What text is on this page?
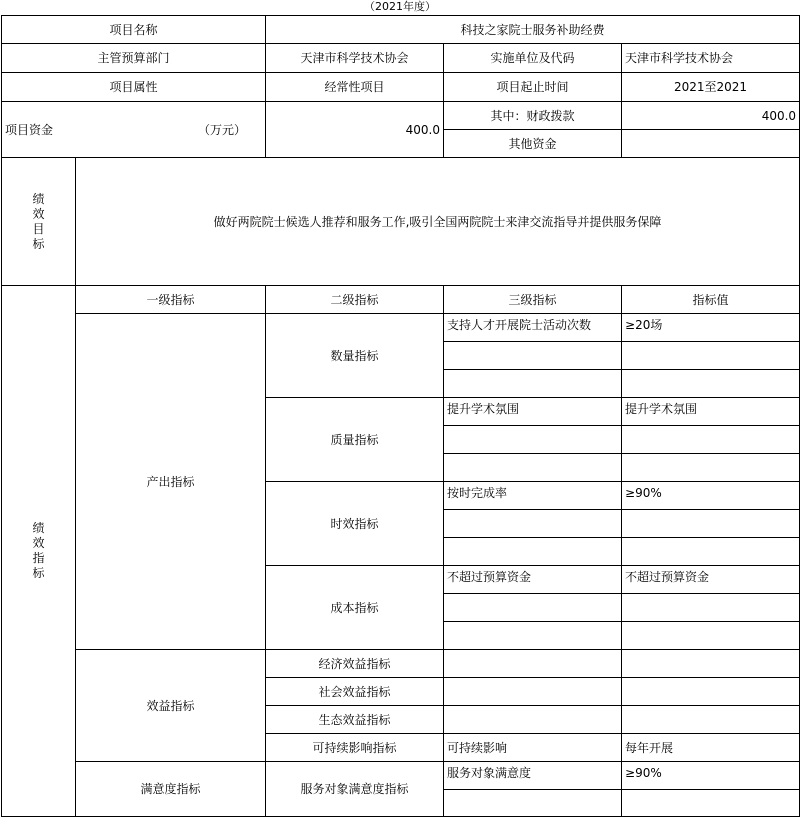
（2021年度）
项目名称		科技之家院士服务补助经费		
主管预算部门		天津市科学技术协会	实施单位及代码	天津市科学技术协会
项目属性		经常性项目	项目起止时间	2021至2021

项目资金 （万元）		400.0	其中：财政拨款	400.0
			其他资金	
绩效目标	做好两院院士候选人推荐和服务工作,吸引全国两院院士来津交流指导并提供服务保障			
绩效指标	一级指标	二级指标	三级指标	指标值
	产出指标	数量指标	支持人才开展院士活动次数	≥20场

		质量指标	提升学术氛围	提升学术氛围

		时效指标	按时完成率	≥90%

		成本指标	不超过预算资金	不超过预算资金

	效益指标	经济效益指标		
		社会效益指标		
		生态效益指标		
		可持续影响指标	可持续影响	每年开展
	满意度指标	服务对象满意度指标	服务对象满意度	≥90%
